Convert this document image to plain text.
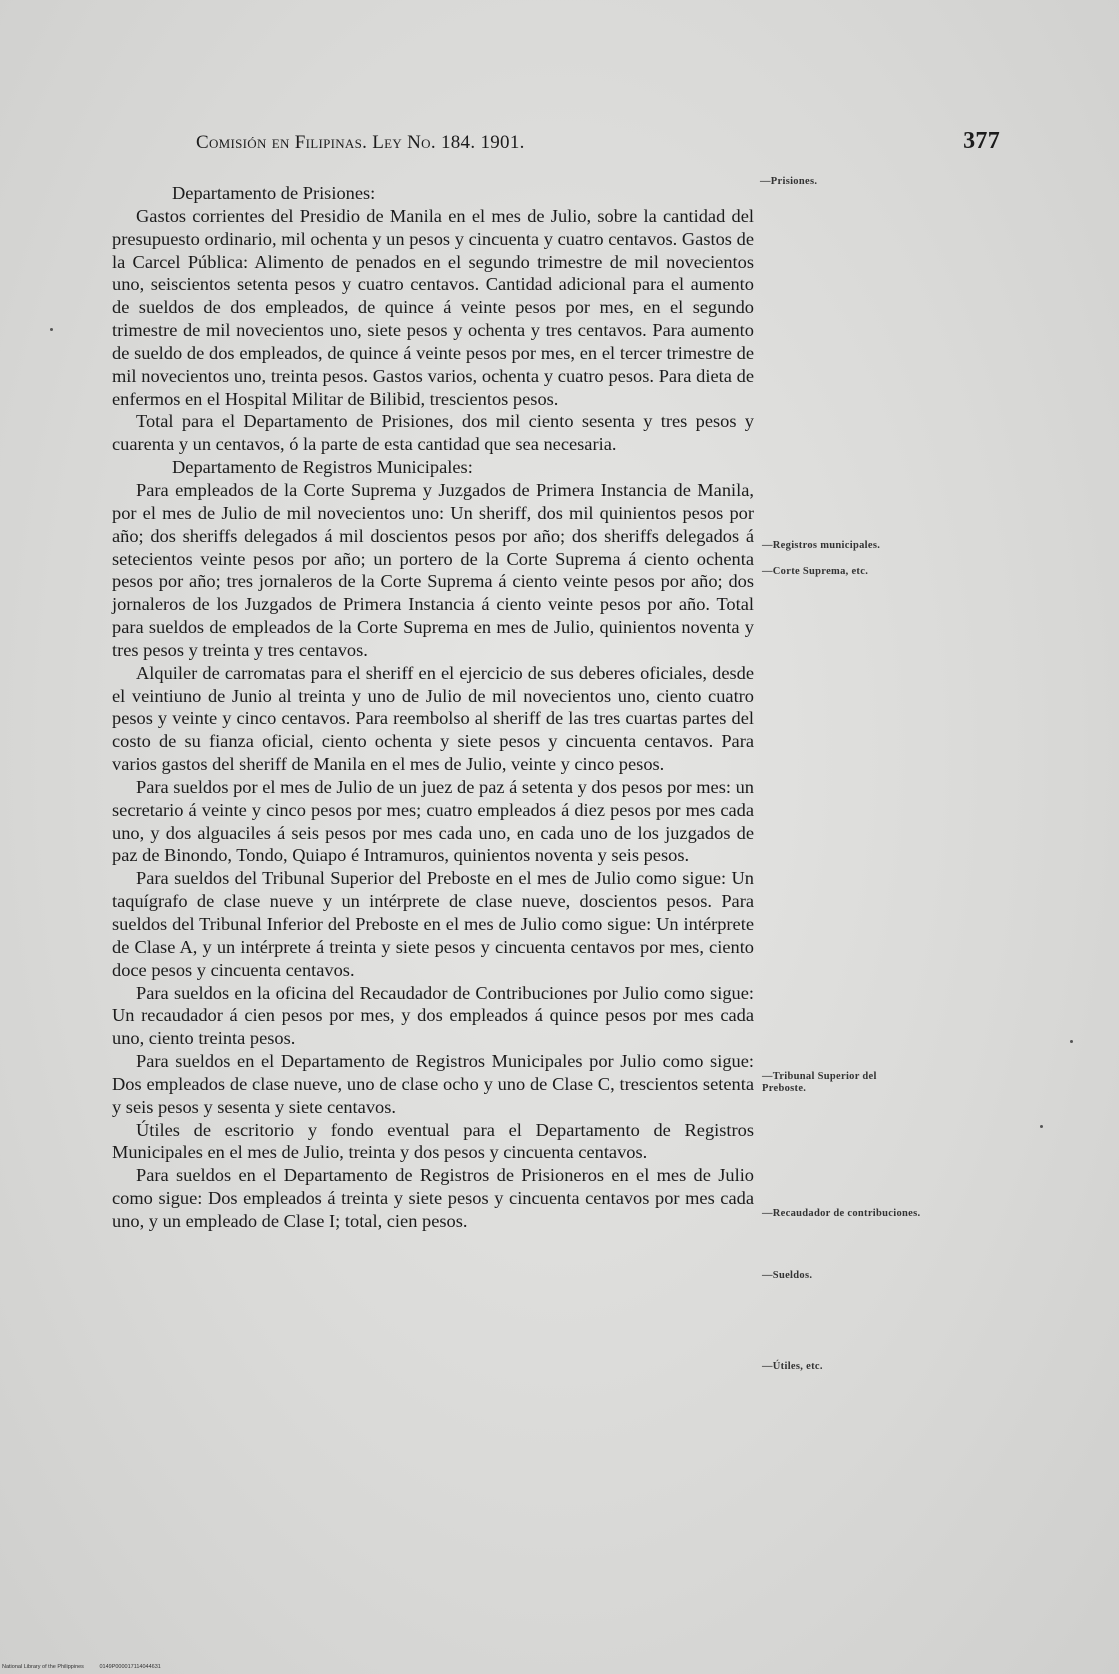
Comisión en Filipinas. Ley No. 184. 1901.	377
Departamento de Prisiones:

Gastos corrientes del Presidio de Manila en el mes de Julio, sobre la cantidad del presupuesto ordinario, mil ochenta y un pesos y cincuenta y cuatro centavos. Gastos de la Carcel Pública: Alimento de penados en el segundo trimestre de mil novecientos uno, seiscientos setenta pesos y cuatro centavos. Cantidad adicional para el aumento de sueldos de dos empleados, de quince á veinte pesos por mes, en el segundo trimestre de mil novecientos uno, siete pesos y ochenta y tres centavos. Para aumento de sueldo de dos empleados, de quince á veinte pesos por mes, en el tercer trimestre de mil novecientos uno, treinta pesos. Gastos varios, ochenta y cuatro pesos. Para dieta de enfermos en el Hospital Militar de Bilibid, trescientos pesos.

Total para el Departamento de Prisiones, dos mil ciento sesenta y tres pesos y cuarenta y un centavos, ó la parte de esta cantidad que sea necesaria.

Departamento de Registros Municipales:

Para empleados de la Corte Suprema y Juzgados de Primera Instancia de Manila, por el mes de Julio de mil novecientos uno: Un sheriff, dos mil quinientos pesos por año; dos sheriffs delegados á mil doscientos pesos por año; dos sheriffs delegados á setecientos veinte pesos por año; un portero de la Corte Suprema á ciento ochenta pesos por año; tres jornaleros de la Corte Suprema á ciento veinte pesos por año; dos jornaleros de los Juzgados de Primera Instancia á ciento veinte pesos por año. Total para sueldos de empleados de la Corte Suprema en mes de Julio, quinientos noventa y tres pesos y treinta y tres centavos.

Alquiler de carromatas para el sheriff en el ejercicio de sus deberes oficiales, desde el veintiuno de Junio al treinta y uno de Julio de mil novecientos uno, ciento cuatro pesos y veinte y cinco centavos. Para reembolso al sheriff de las tres cuartas partes del costo de su fianza oficial, ciento ochenta y siete pesos y cincuenta centavos. Para varios gastos del sheriff de Manila en el mes de Julio, veinte y cinco pesos.

Para sueldos por el mes de Julio de un juez de paz á setenta y dos pesos por mes: un secretario á veinte y cinco pesos por mes; cuatro empleados á diez pesos por mes cada uno, y dos alguaciles á seis pesos por mes cada uno, en cada uno de los juzgados de paz de Binondo, Tondo, Quiapo é Intramuros, quinientos noventa y seis pesos.

Para sueldos del Tribunal Superior del Preboste en el mes de Julio como sigue: Un taquígrafo de clase nueve y un intérprete de clase nueve, doscientos pesos. Para sueldos del Tribunal Inferior del Preboste en el mes de Julio como sigue: Un intérprete de Clase A, y un intérprete á treinta y siete pesos y cincuenta centavos por mes, ciento doce pesos y cincuenta centavos.

Para sueldos en la oficina del Recaudador de Contribuciones por Julio como sigue: Un recaudador á cien pesos por mes, y dos empleados á quince pesos por mes cada uno, ciento treinta pesos.

Para sueldos en el Departamento de Registros Municipales por Julio como sigue: Dos empleados de clase nueve, uno de clase ocho y uno de Clase C, trescientos setenta y seis pesos y sesenta y siete centavos.

Útiles de escritorio y fondo eventual para el Departamento de Registros Municipales en el mes de Julio, treinta y dos pesos y cincuenta centavos.

Para sueldos en el Departamento de Registros de Prisioneros en el mes de Julio como sigue: Dos empleados á treinta y siete pesos y cincuenta centavos por mes cada uno, y un empleado de Clase I; total, cien pesos.

—Prisiones.
—Registros municipales.
—Corte Suprema, etc.
—Tribunal Superior del Preboste.
—Recaudador de contribuciones.
—Sueldos.
—Útiles, etc.
National Library of the Philippines	0149P000017114044631
